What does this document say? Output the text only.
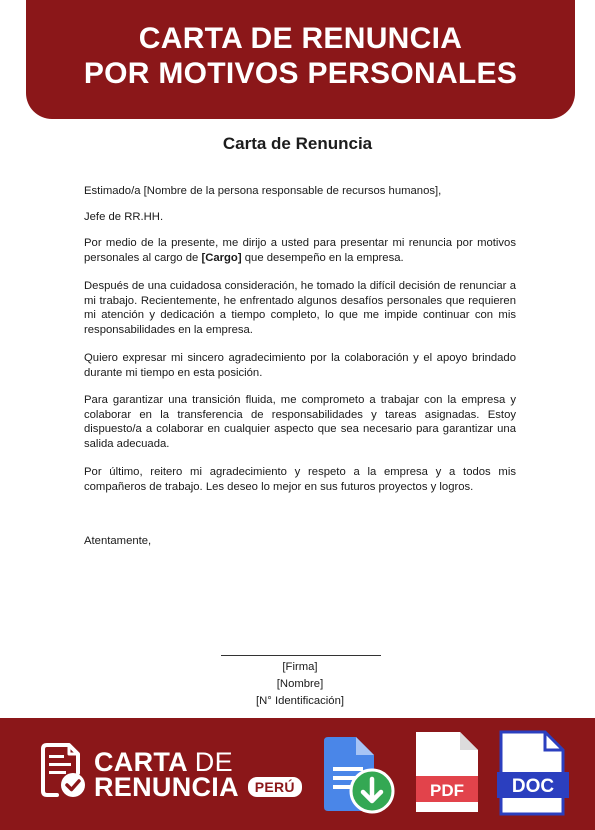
CARTA DE RENUNCIA
POR MOTIVOS PERSONALES
Carta de Renuncia
Estimado/a [Nombre de la persona responsable de recursos humanos],
Jefe de RR.HH.
Por medio de la presente, me dirijo a usted para presentar mi renuncia por motivos personales al cargo de [Cargo] que desempeño en la empresa.
Después de una cuidadosa consideración, he tomado la difícil decisión de renunciar a mi trabajo. Recientemente, he enfrentado algunos desafíos personales que requieren mi atención y dedicación a tiempo completo, lo que me impide continuar con mis responsabilidades en la empresa.
Quiero expresar mi sincero agradecimiento por la colaboración y el apoyo brindado durante mi tiempo en esta posición.
Para garantizar una transición fluida, me comprometo a trabajar con la empresa y colaborar en la transferencia de responsabilidades y tareas asignadas. Estoy dispuesto/a a colaborar en cualquier aspecto que sea necesario para garantizar una salida adecuada.
Por último, reitero mi agradecimiento y respeto a la empresa y a todos mis compañeros de trabajo. Les deseo lo mejor en sus futuros proyectos y logros.
Atentamente,
[Firma]
[Nombre]
[N° Identificación]
CARTA DE
RENUNCIA PERÚ	PDF	DOC
